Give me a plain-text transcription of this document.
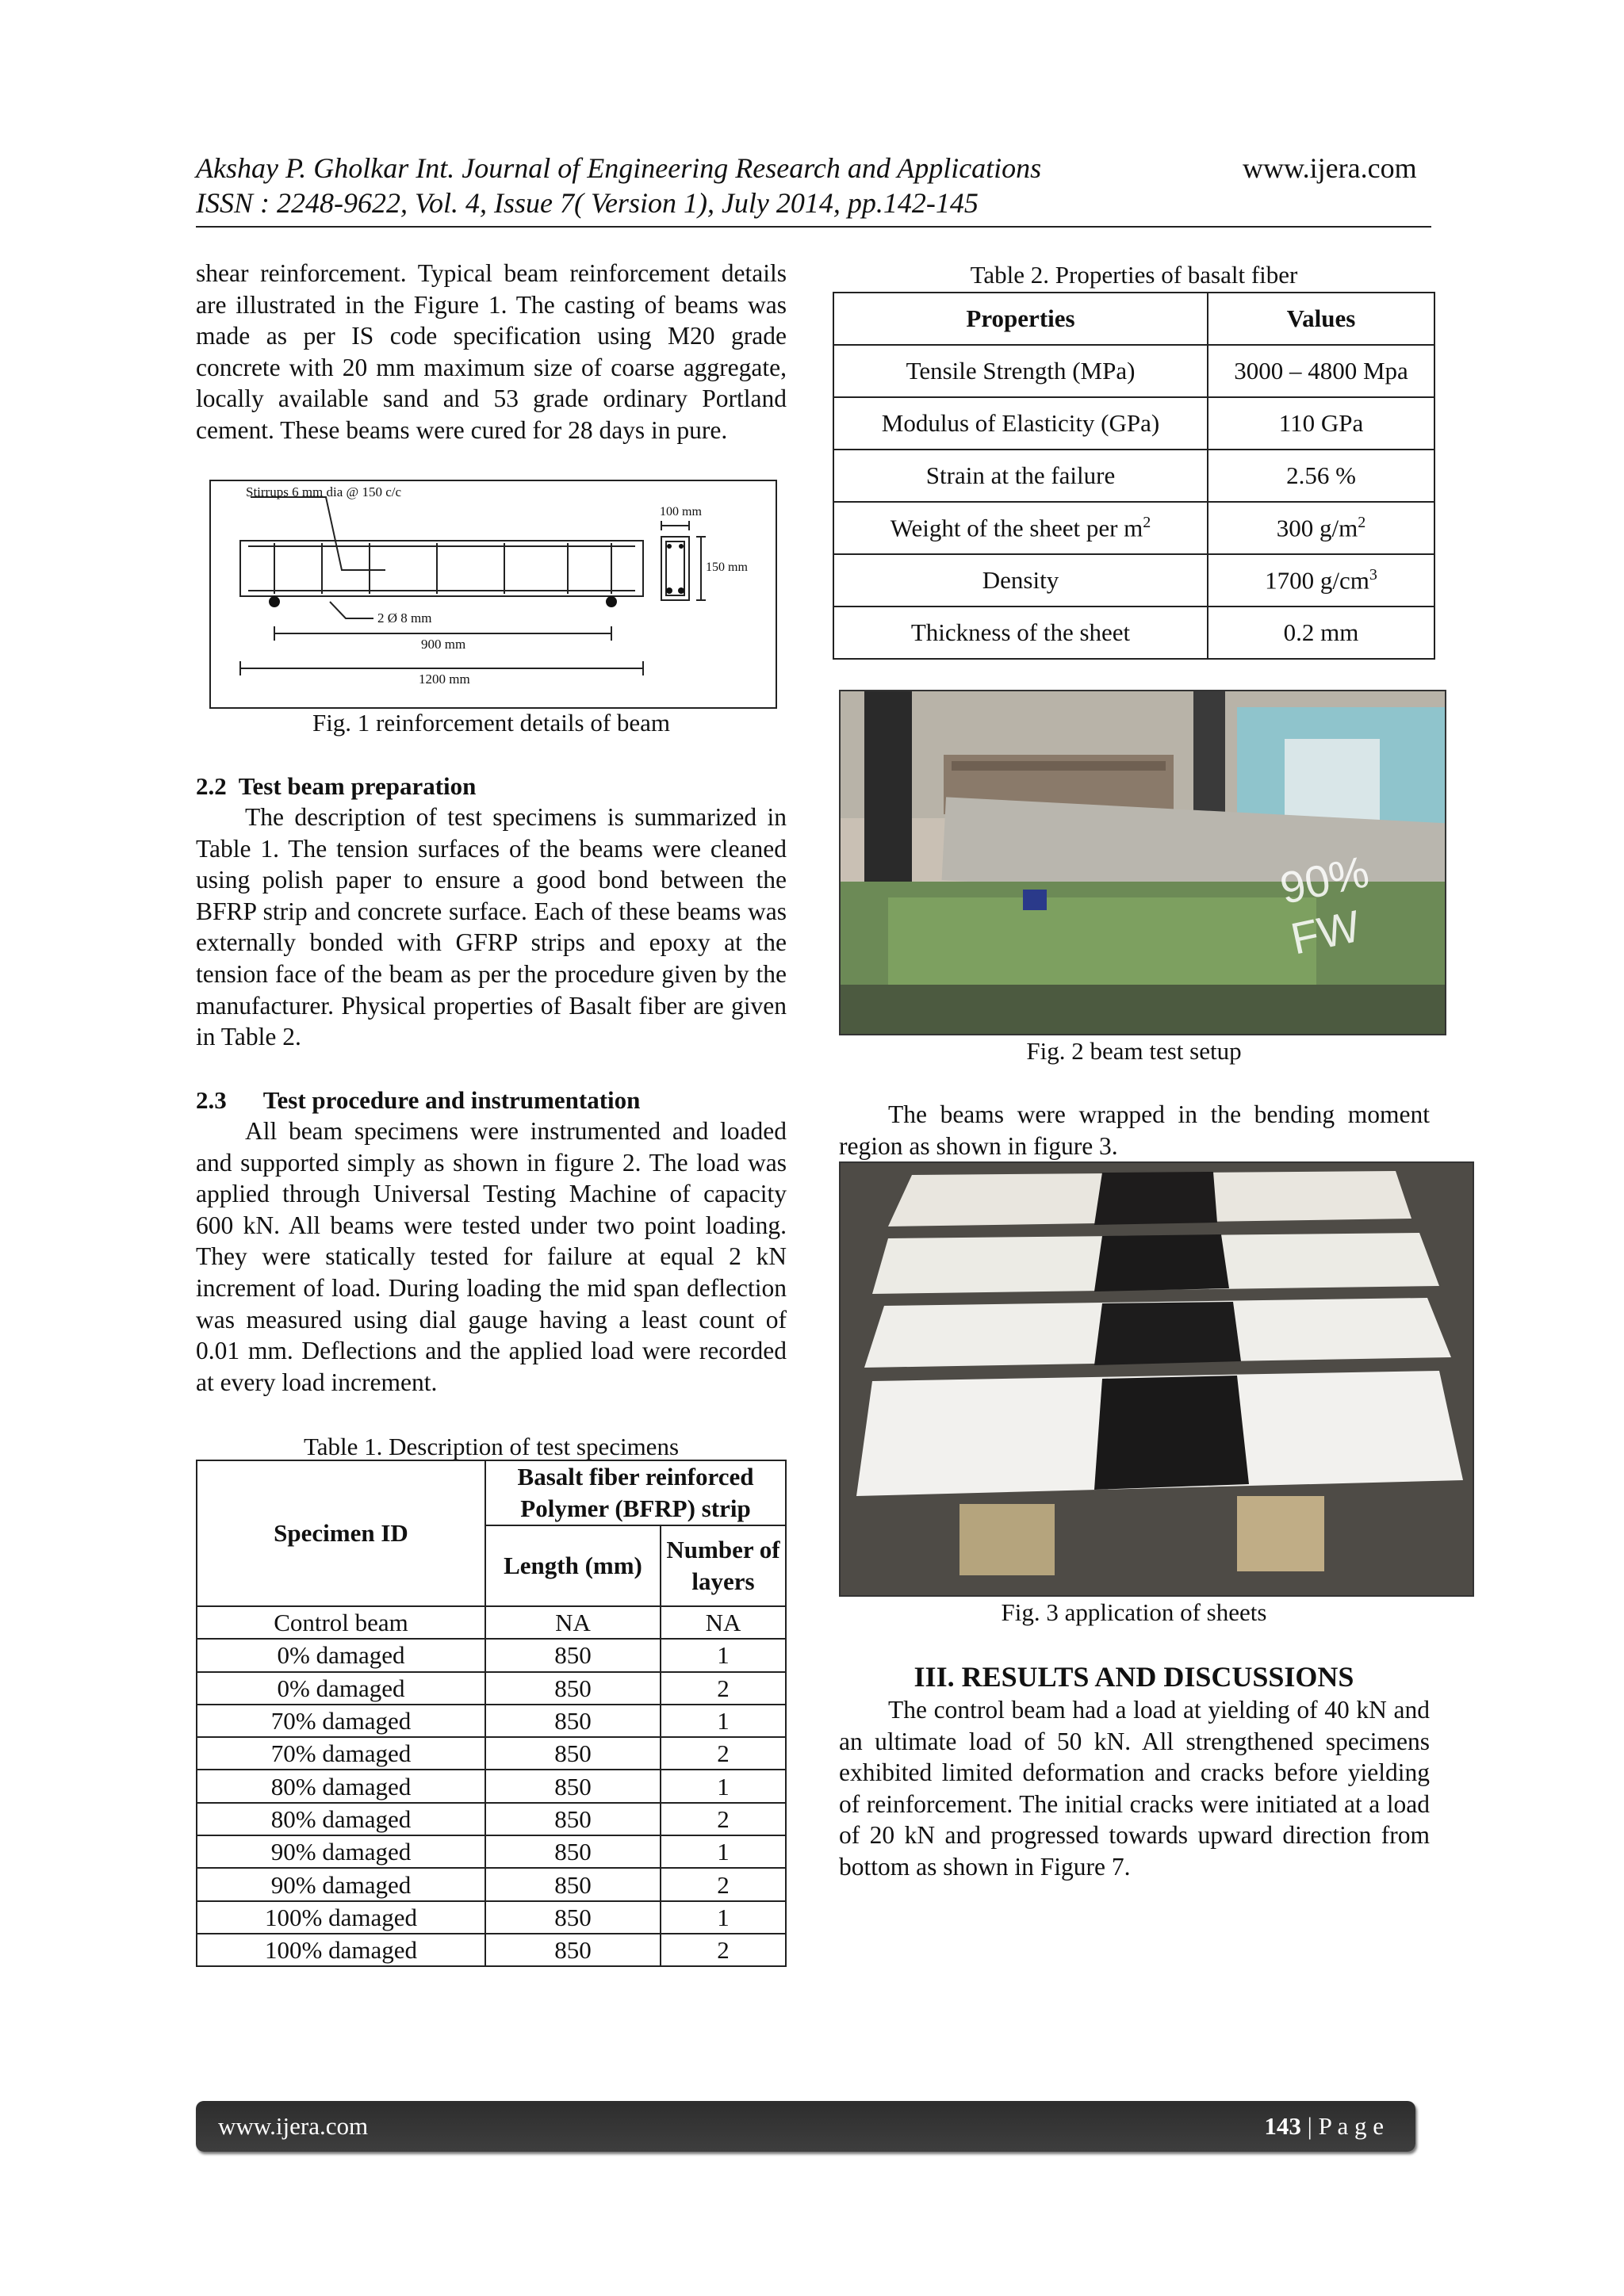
Akshay P. Gholkar Int. Journal of Engineering Research and Applications	www.ijera.com
ISSN : 2248-9622, Vol. 4, Issue 7( Version 1), July 2014, pp.142-145
shear reinforcement. Typical beam reinforcement details are illustrated in the Figure 1. The casting of beams was made as per IS code specification using M20 grade concrete with 20 mm maximum size of coarse aggregate, locally available sand and 53 grade ordinary Portland cement. These beams were cured for 28 days in pure.
Stirrups 6 mm dia @ 150 c/c
2 Ø 8 mm
900 mm
1200 mm
100 mm
150 mm
Fig. 1 reinforcement details of beam
2.2 Test beam preparation
The description of test specimens is summarized in Table 1. The tension surfaces of the beams were cleaned using polish paper to ensure a good bond between the BFRP strip and concrete surface. Each of these beams was externally bonded with GFRP strips and epoxy at the tension face of the beam as per the procedure given by the manufacturer. Physical properties of Basalt fiber are given in Table 2.
2.3 Test procedure and instrumentation
All beam specimens were instrumented and loaded and supported simply as shown in figure 2. The load was applied through Universal Testing Machine of capacity 600 kN. All beams were tested under two point loading. They were statically tested for failure at equal 2 kN increment of load. During loading the mid span deflection was measured using dial gauge having a least count of 0.01 mm. Deflections and the applied load were recorded at every load increment.
Table 1. Description of test specimens
Specimen ID	Basalt fiber reinforced Polymer (BFRP) strip	
	Length (mm)	Number of layers
Control beam	NA	NA
0% damaged	850	1
0% damaged	850	2
70% damaged	850	1
70% damaged	850	2
80% damaged	850	1
80% damaged	850	2
90% damaged	850	1
90% damaged	850	2
100% damaged	850	1
100% damaged	850	2
Table 2. Properties of basalt fiber
Properties	Values
Tensile Strength (MPa)	3000 – 4800 Mpa
Modulus of Elasticity (GPa)	110 GPa
Strain at the failure	2.56 %
Weight of the sheet per $m^2$	300 $g/m^2$
Density	1700 $g/cm^3$
Thickness of the sheet	0.2 mm
90% FW
Fig. 2 beam test setup
The beams were wrapped in the bending moment region as shown in figure 3.
Fig. 3 application of sheets
III. RESULTS AND DISCUSSIONS
The control beam had a load at yielding of 40 kN and an ultimate load of 50 kN. All strengthened specimens exhibited limited deformation and cracks before yielding of reinforcement. The initial cracks were initiated at a load of 20 kN and progressed towards upward direction from bottom as shown in Figure 7.
www.ijera.com	143 | P a g e
